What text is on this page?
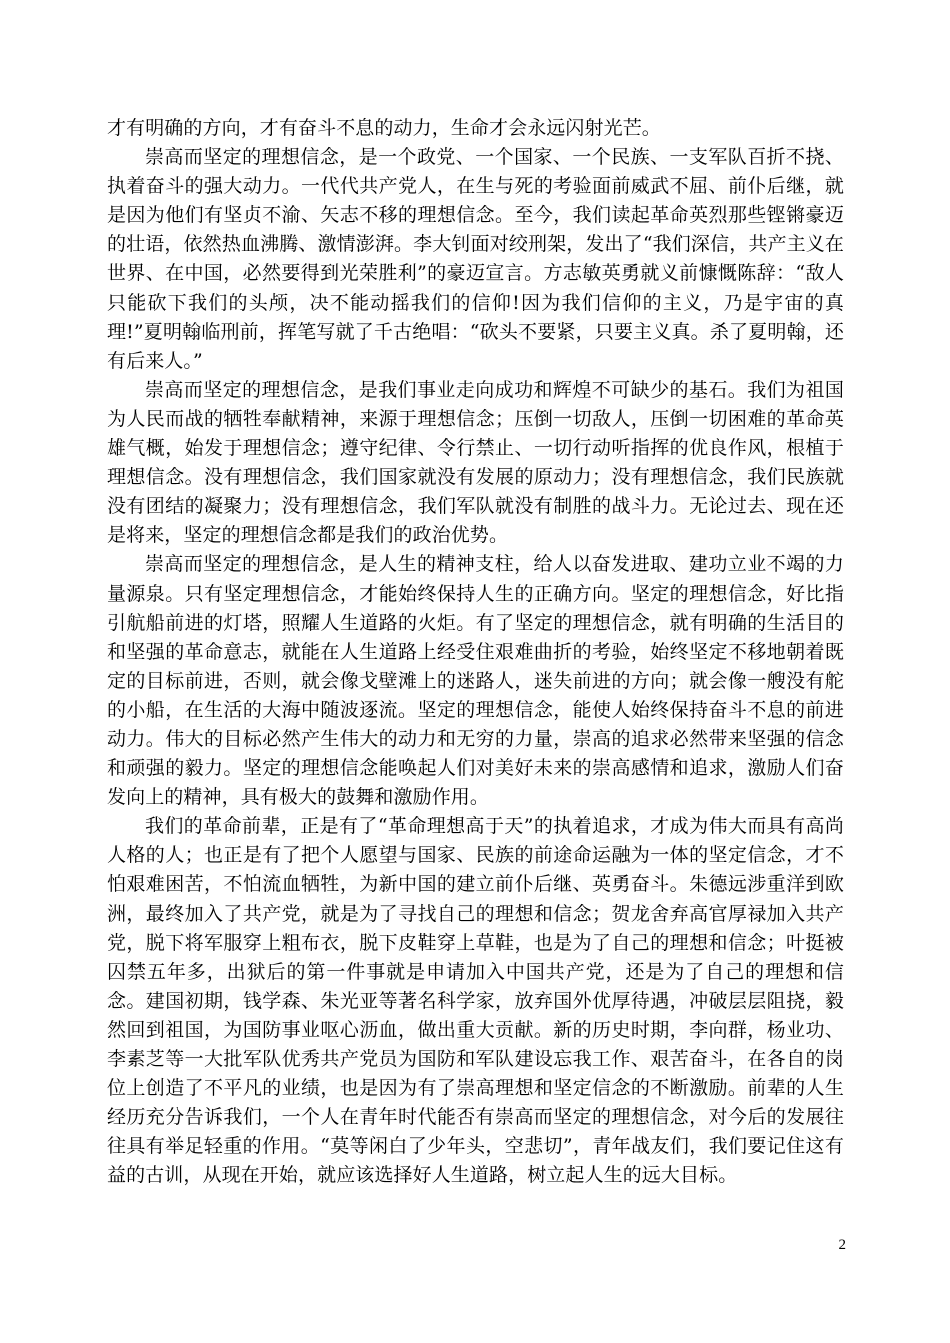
才有明确的方向，才有奋斗不息的动力，生命才会永远闪射光芒。

崇高而坚定的理想信念，是一个政党、一个国家、一个民族、一支军队百折不挠、执着奋斗的强大动力。一代代共产党人，在生与死的考验面前威武不屈、前仆后继，就是因为他们有坚贞不渝、矢志不移的理想信念。至今，我们读起革命英烈那些铿锵豪迈的壮语，依然热血沸腾、激情澎湃。李大钊面对绞刑架，发出了“我们深信，共产主义在世界、在中国，必然要得到光荣胜利”的豪迈宣言。方志敏英勇就义前慷慨陈辞：“敌人只能砍下我们的头颅，决不能动摇我们的信仰!因为我们信仰的主义，乃是宇宙的真理!”夏明翰临刑前，挥笔写就了千古绝唱：“砍头不要紧，只要主义真。杀了夏明翰，还有后来人。”

崇高而坚定的理想信念，是我们事业走向成功和辉煌不可缺少的基石。我们为祖国为人民而战的牺牲奉献精神，来源于理想信念；压倒一切敌人，压倒一切困难的革命英雄气概，始发于理想信念；遵守纪律、令行禁止、一切行动听指挥的优良作风，根植于理想信念。没有理想信念，我们国家就没有发展的原动力；没有理想信念，我们民族就没有团结的凝聚力；没有理想信念，我们军队就没有制胜的战斗力。无论过去、现在还是将来，坚定的理想信念都是我们的政治优势。

崇高而坚定的理想信念，是人生的精神支柱，给人以奋发进取、建功立业不竭的力量源泉。只有坚定理想信念，才能始终保持人生的正确方向。坚定的理想信念，好比指引航船前进的灯塔，照耀人生道路的火炬。有了坚定的理想信念，就有明确的生活目的和坚强的革命意志，就能在人生道路上经受住艰难曲折的考验，始终坚定不移地朝着既定的目标前进，否则，就会像戈壁滩上的迷路人，迷失前进的方向；就会像一艘没有舵的小船，在生活的大海中随波逐流。坚定的理想信念，能使人始终保持奋斗不息的前进动力。伟大的目标必然产生伟大的动力和无穷的力量，崇高的追求必然带来坚强的信念和顽强的毅力。坚定的理想信念能唤起人们对美好未来的崇高感情和追求，激励人们奋发向上的精神，具有极大的鼓舞和激励作用。

我们的革命前辈，正是有了“革命理想高于天”的执着追求，才成为伟大而具有高尚人格的人；也正是有了把个人愿望与国家、民族的前途命运融为一体的坚定信念，才不怕艰难困苦，不怕流血牺牲，为新中国的建立前仆后继、英勇奋斗。朱德远涉重洋到欧洲，最终加入了共产党，就是为了寻找自己的理想和信念；贺龙舍弃高官厚禄加入共产党，脱下将军服穿上粗布衣，脱下皮鞋穿上草鞋，也是为了自己的理想和信念；叶挺被囚禁五年多，出狱后的第一件事就是申请加入中国共产党，还是为了自己的理想和信念。建国初期，钱学森、朱光亚等著名科学家，放弃国外优厚待遇，冲破层层阻挠，毅然回到祖国，为国防事业呕心沥血，做出重大贡献。新的历史时期，李向群，杨业功、李素芝等一大批军队优秀共产党员为国防和军队建设忘我工作、艰苦奋斗，在各自的岗位上创造了不平凡的业绩，也是因为有了崇高理想和坚定信念的不断激励。前辈的人生经历充分告诉我们，一个人在青年时代能否有崇高而坚定的理想信念，对今后的发展往往具有举足轻重的作用。“莫等闲白了少年头，空悲切”，青年战友们，我们要记住这有益的古训，从现在开始，就应该选择好人生道路，树立起人生的远大目标。

2
